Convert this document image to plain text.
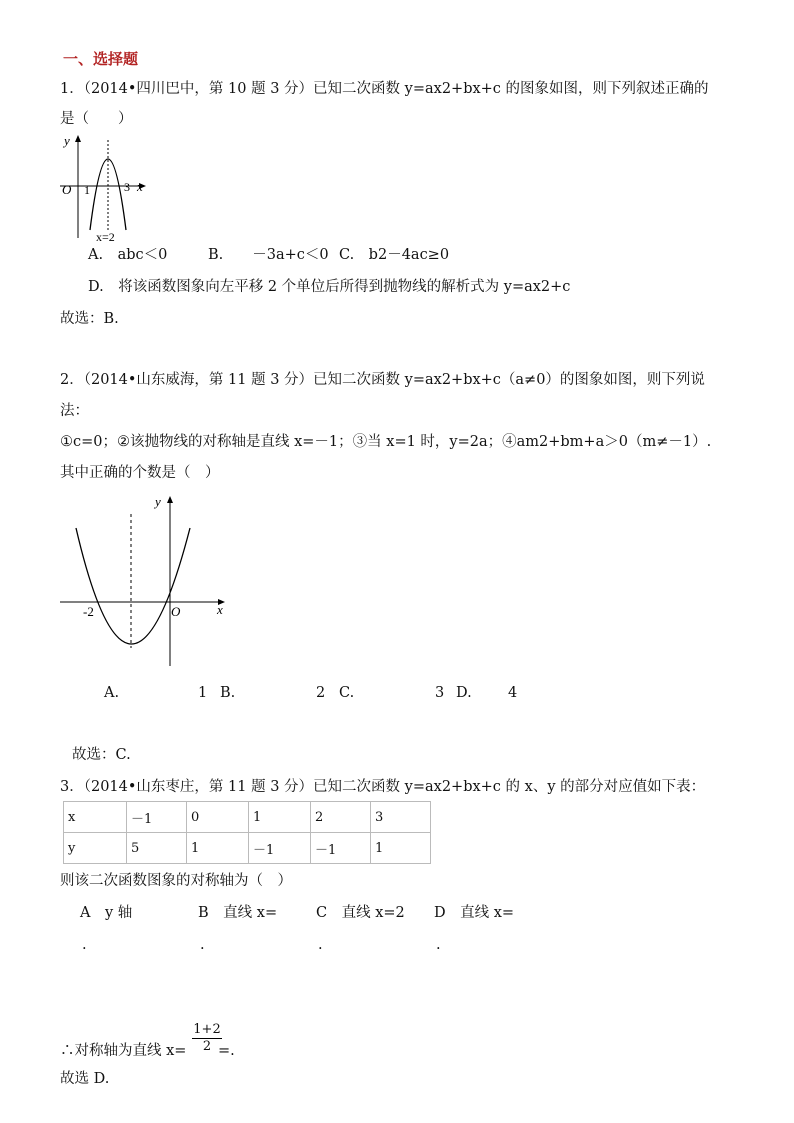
一、选择题
1．（2014•四川巴中，第 10 题 3 分）已知二次函数 y=ax2+bx+c 的图象如图，则下列叙述正确的
是（　　）
y
x
O 1	3
x=2
A.　abc＜0	B.　　－3a+c＜0 C.　b2－4ac≥0
D.　将该函数图象向左平移 2 个单位后所得到抛物线的解析式为 y=ax2+c
故选：B.
2．（2014•山东威海，第 11 题 3 分）已知二次函数 y=ax2+bx+c（a≠0）的图象如图，则下列说
法：
①c=0；②该抛物线的对称轴是直线 x=－1；③当 x=1 时，y=2a；④am2+bm+a＞0（m≠－1）.
其中正确的个数是（　）
y
x
O
-2
A.	1 B.	2 C.	3 D.	4
故选：C.
3．（2014•山东枣庄，第 11 题 3 分）已知二次函数 y=ax2+bx+c 的 x、y 的部分对应值如下表：
x	－1	0	1	2	3
y	5	1	－1	－1	1
则该二次函数图象的对称轴为（　）
A　y 轴	B　直线 x=	C　直线 x=2 D　直线 x=
.	.	.	.
∴对称轴为直线 $x= \frac{1+2}{2}$
=.
故选 D.
